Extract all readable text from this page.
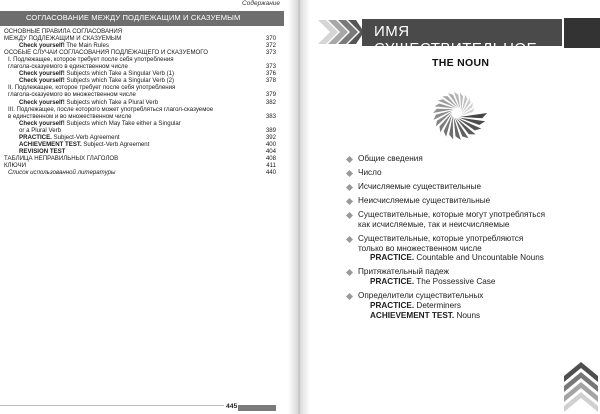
Содержание
СОГЛАСОВАНИЕ МЕЖДУ ПОДЛЕЖАЩИМ И СКАЗУЕМЫМ
ОСНОВНЫЕ ПРАВИЛА СОГЛАСОВАНИЯ
МЕЖДУ ПОДЛЕЖАЩИМ И СКАЗУЕМЫМ	370
Check yourself! The Main Rules	372
ОСОБЫЕ СЛУЧАИ СОГЛАСОВАНИЯ ПОДЛЕЖАЩЕГО И СКАЗУЕМОГО	373
I. Подлежащее, которое требует после себя употребления
глагола-сказуемого в единственном числе	373
Check yourself! Subjects which Take a Singular Verb (1)	376
Check yourself! Subjects which Take a Singular Verb (2)	378
II. Подлежащее, которое требует после себя употребления
глагола-сказуемого во множественном числе	379
Check yourself! Subjects which Take a Plural Verb	382
III. Подлежащее, после которого может употребляться глагол-сказуемое
в единственном и во множественном числе	383
Check yourself! Subjects which May Take either a Singular
or a Plural Verb	389
PRACTICE. Subject-Verb Agreement	392
ACHIEVEMENT TEST. Subject-Verb Agreement	400
REVISION TEST	404
ТАБЛИЦА НЕПРАВИЛЬНЫХ ГЛАГОЛОВ	408
КЛЮЧИ	411
Список использованной литературы	440
445
ИМЯ СУЩЕСТВИТЕЛЬНОЕ
THE NOUN
Общие сведения
Число
Исчисляемые существительные
Неисчисляемые существительные
Существительные, которые могут употребляться
как исчисляемые, так и неисчисляемые
Существительные, которые употребляются
только во множественном числе
PRACTICE. Countable and Uncountable Nouns
Притяжательный падеж
PRACTICE. The Possessive Case
Определители существительных
PRACTICE. Determiners
ACHIEVEMENT TEST. Nouns
